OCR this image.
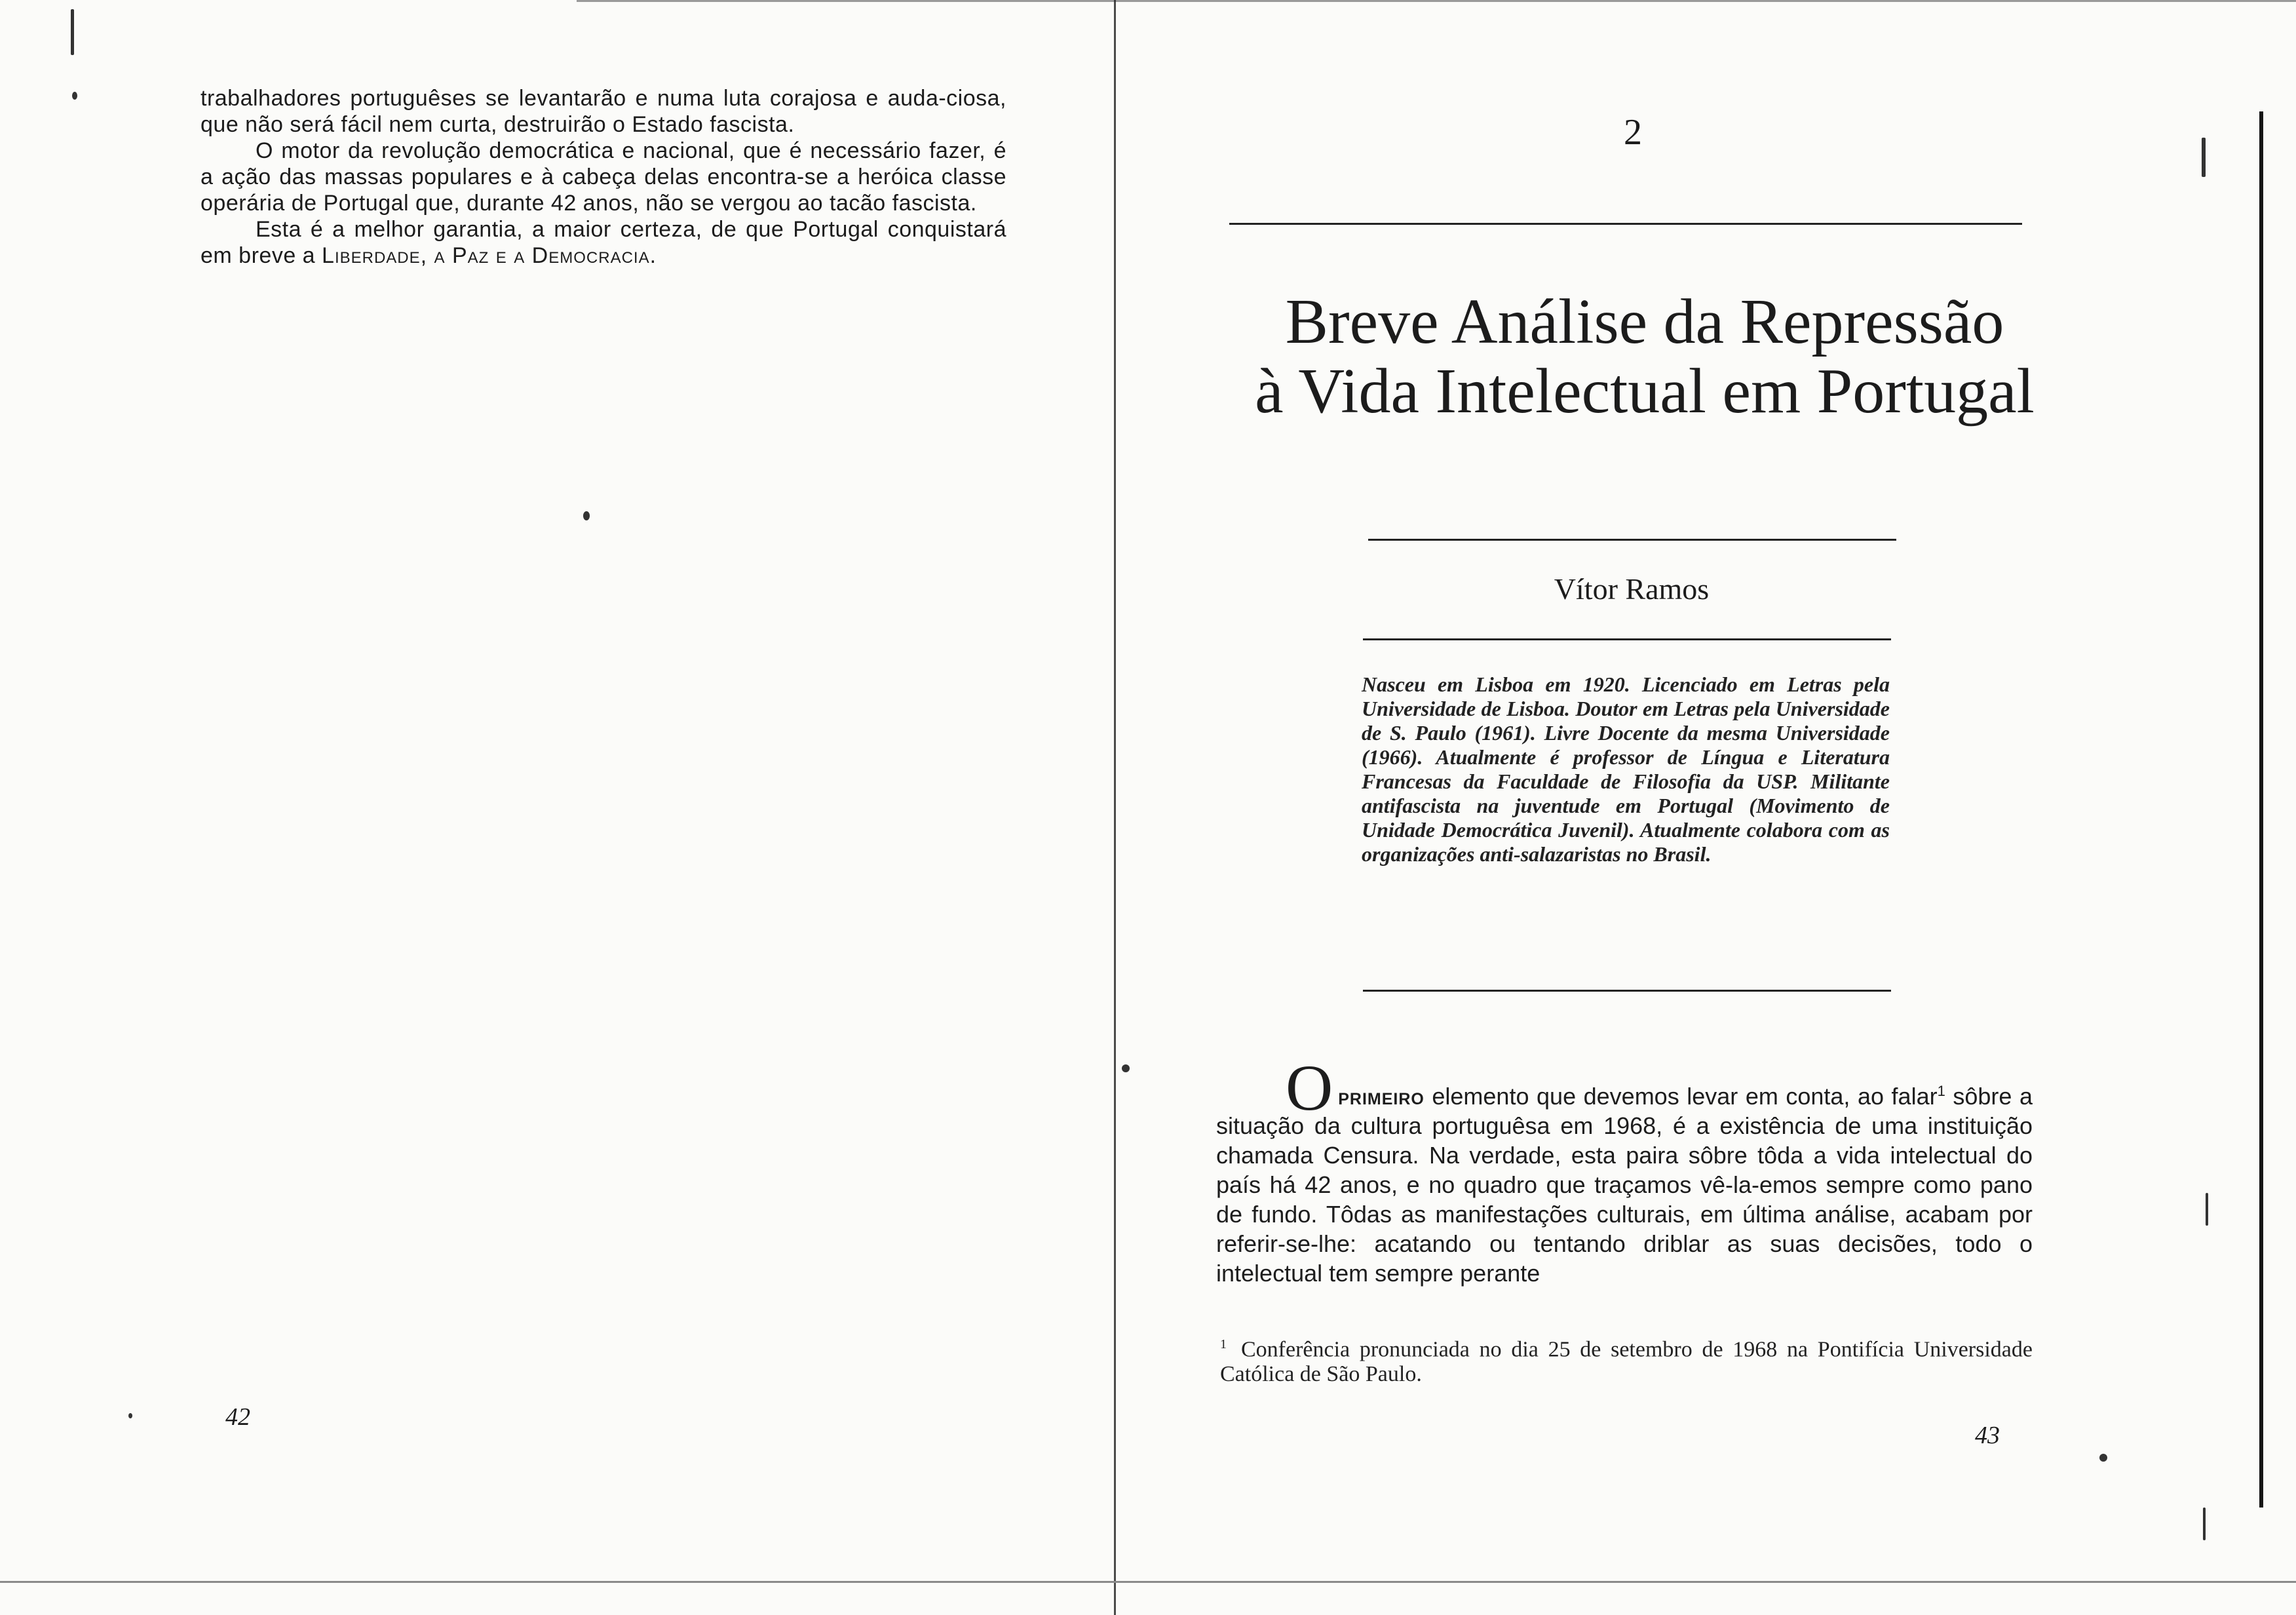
trabalhadores portuguêses se levantarão e numa luta corajosa e auda-ciosa, que não será fácil nem curta, destruirão o Estado fascista.

O motor da revolução democrática e nacional, que é necessário fazer, é a ação das massas populares e à cabeça delas encontra-se a heróica classe operária de Portugal que, durante 42 anos, não se vergou ao tacão fascista.

Esta é a melhor garantia, a maior certeza, de que Portugal conquistará em breve a Liberdade, a Paz e a Democracia.

42
2
Breve Análise da Repressão
à Vida Intelectual em Portugal
Vítor Ramos
Nasceu em Lisboa em 1920. Licenciado em Letras pela Universidade de Lisboa. Doutor em Letras pela Universidade de S. Paulo (1961). Livre Docente da mesma Universidade (1966). Atualmente é professor de Língua e Literatura Francesas da Faculdade de Filosofia da USP. Militante antifascista na juventude em Portugal (Movimento de Unidade Democrática Juvenil). Atualmente colabora com as organizações anti-salazaristas no Brasil.
Oprimeiro elemento que devemos levar em conta, ao falar$^1$ sôbre a situação da cultura portuguêsa em 1968, é a existência de uma instituição chamada Censura. Na verdade, esta paira sôbre tôda a vida intelectual do país há 42 anos, e no quadro que traçamos vê-la-emos sempre como pano de fundo. Tôdas as manifestações culturais, em última análise, acabam por referir-se-lhe: acatando ou tentando driblar as suas decisões, todo o intelectual tem sempre perante
$^1$ Conferência pronunciada no dia 25 de setembro de 1968 na Pontifícia Universidade Católica de São Paulo.
43
